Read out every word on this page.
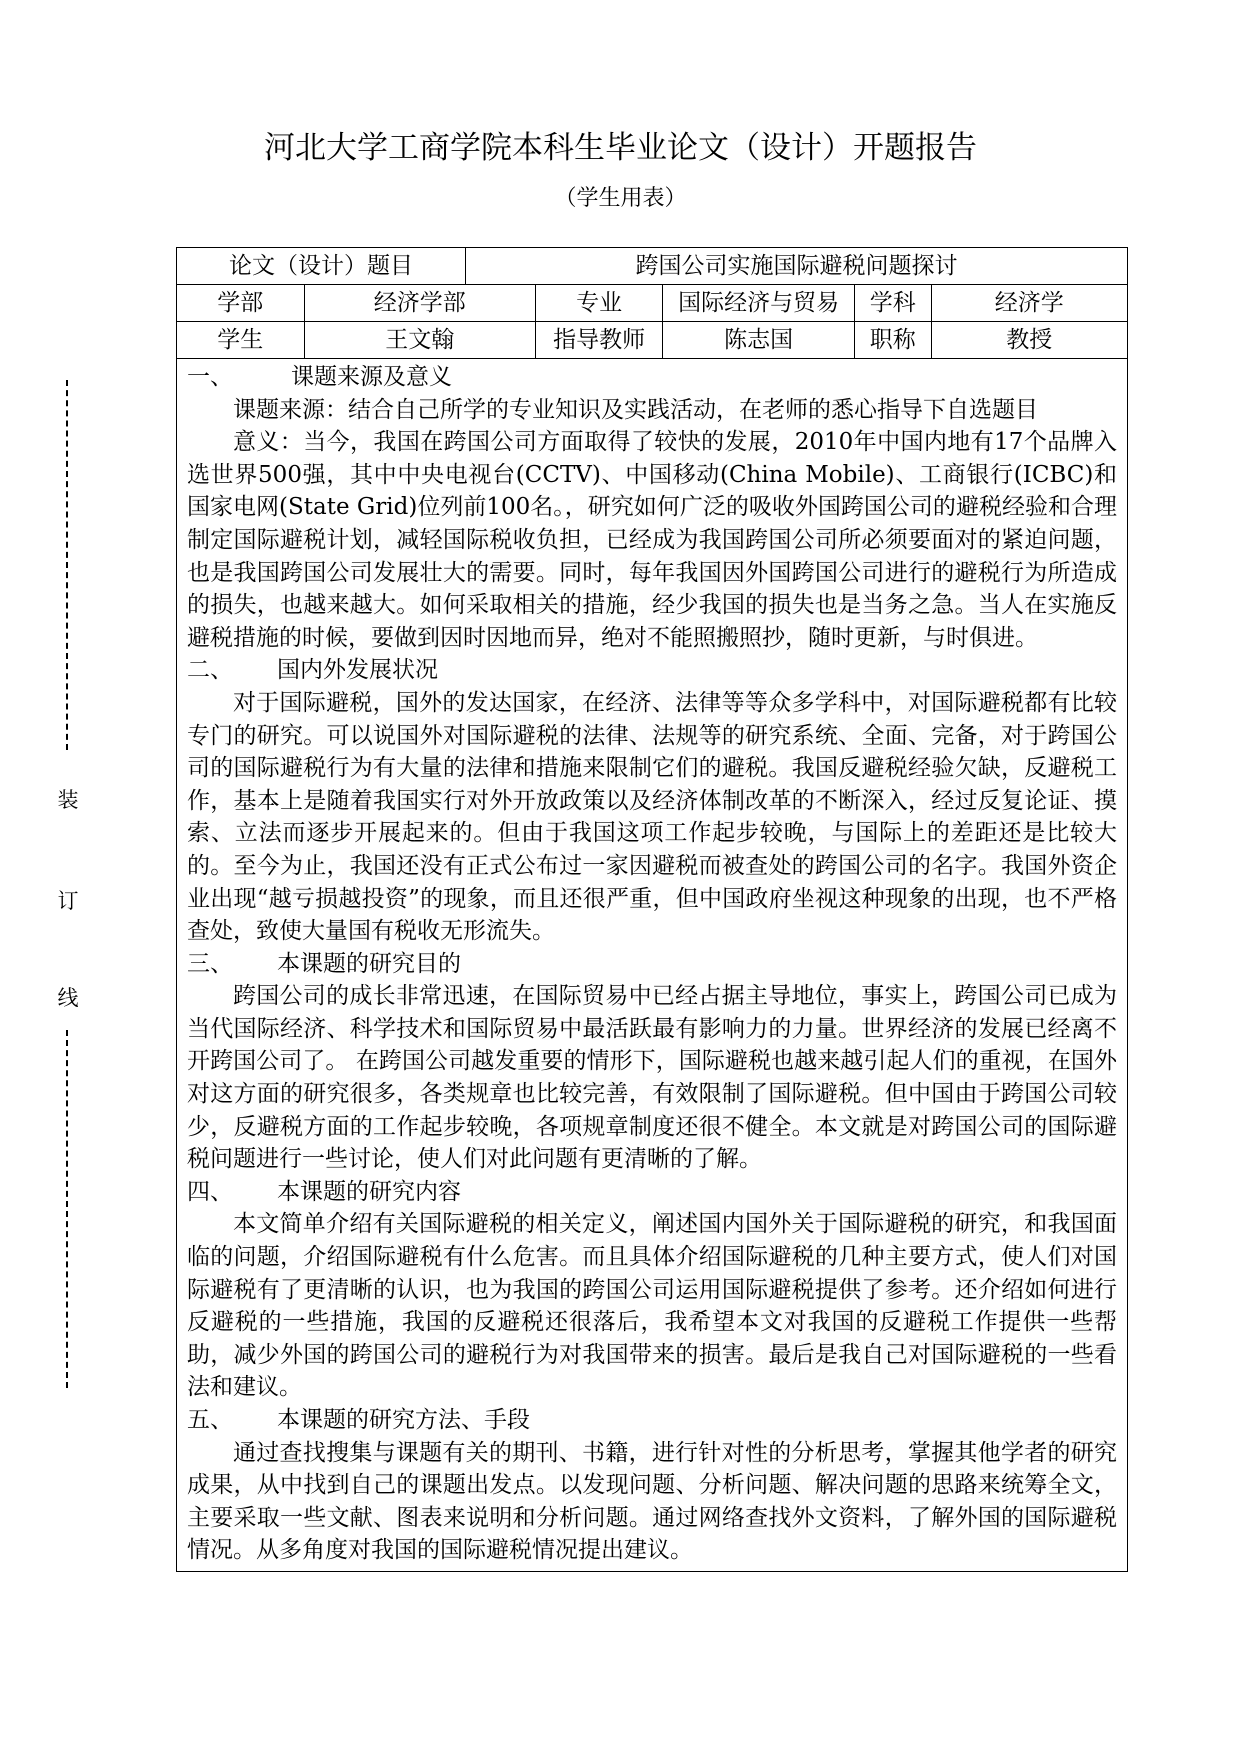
河北大学工商学院本科生毕业论文（设计）开题报告
（学生用表）
装
订
线
论文（设计）题目	跨国公司实施国际避税问题探讨
学部	经济学部	专业	国际经济与贸易	学科	经济学
学生	王文翰	指导教师	陈志国	职称	教授
一、	课题来源及意义

课题来源：结合自己所学的专业知识及实践活动，在老师的悉心指导下自选题目

意义：当今，我国在跨国公司方面取得了较快的发展，2010年中国内地有17个品牌入选世界500强，其中中央电视台(CCTV)、中国移动(China Mobile)、工商银行(ICBC)和国家电网(State Grid)位列前100名。，研究如何广泛的吸收外国跨国公司的避税经验和合理制定国际避税计划，减轻国际税收负担，已经成为我国跨国公司所必须要面对的紧迫问题，也是我国跨国公司发展壮大的需要。同时，每年我国因外国跨国公司进行的避税行为所造成的损失，也越来越大。如何采取相关的措施，经少我国的损失也是当务之急。当人在实施反避税措施的时候，要做到因时因地而异，绝对不能照搬照抄，随时更新，与时俱进。

二、	国内外发展状况

对于国际避税，国外的发达国家，在经济、法律等等众多学科中，对国际避税都有比较专门的研究。可以说国外对国际避税的法律、法规等的研究系统、全面、完备，对于跨国公司的国际避税行为有大量的法律和措施来限制它们的避税。我国反避税经验欠缺，反避税工作，基本上是随着我国实行对外开放政策以及经济体制改革的不断深入，经过反复论证、摸索、立法而逐步开展起来的。但由于我国这项工作起步较晚，与国际上的差距还是比较大的。至今为止，我国还没有正式公布过一家因避税而被查处的跨国公司的名字。我国外资企业出现“越亏损越投资”的现象，而且还很严重，但中国政府坐视这种现象的出现，也不严格查处，致使大量国有税收无形流失。

三、	本课题的研究目的

跨国公司的成长非常迅速，在国际贸易中已经占据主导地位，事实上，跨国公司已成为当代国际经济、科学技术和国际贸易中最活跃最有影响力的力量。世界经济的发展已经离不开跨国公司了。 在跨国公司越发重要的情形下，国际避税也越来越引起人们的重视，在国外对这方面的研究很多，各类规章也比较完善，有效限制了国际避税。但中国由于跨国公司较少，反避税方面的工作起步较晚，各项规章制度还很不健全。本文就是对跨国公司的国际避税问题进行一些讨论，使人们对此问题有更清晰的了解。

四、	本课题的研究内容

本文简单介绍有关国际避税的相关定义，阐述国内国外关于国际避税的研究，和我国面临的问题，介绍国际避税有什么危害。而且具体介绍国际避税的几种主要方式，使人们对国际避税有了更清晰的认识，也为我国的跨国公司运用国际避税提供了参考。还介绍如何进行反避税的一些措施，我国的反避税还很落后，我希望本文对我国的反避税工作提供一些帮助，减少外国的跨国公司的避税行为对我国带来的损害。最后是我自己对国际避税的一些看法和建议。

五、	本课题的研究方法、手段

通过查找搜集与课题有关的期刊、书籍，进行针对性的分析思考，掌握其他学者的研究成果，从中找到自己的课题出发点。以发现问题、分析问题、解决问题的思路来统筹全文，主要采取一些文献、图表来说明和分析问题。通过网络查找外文资料，了解外国的国际避税情况。从多角度对我国的国际避税情况提出建议。
